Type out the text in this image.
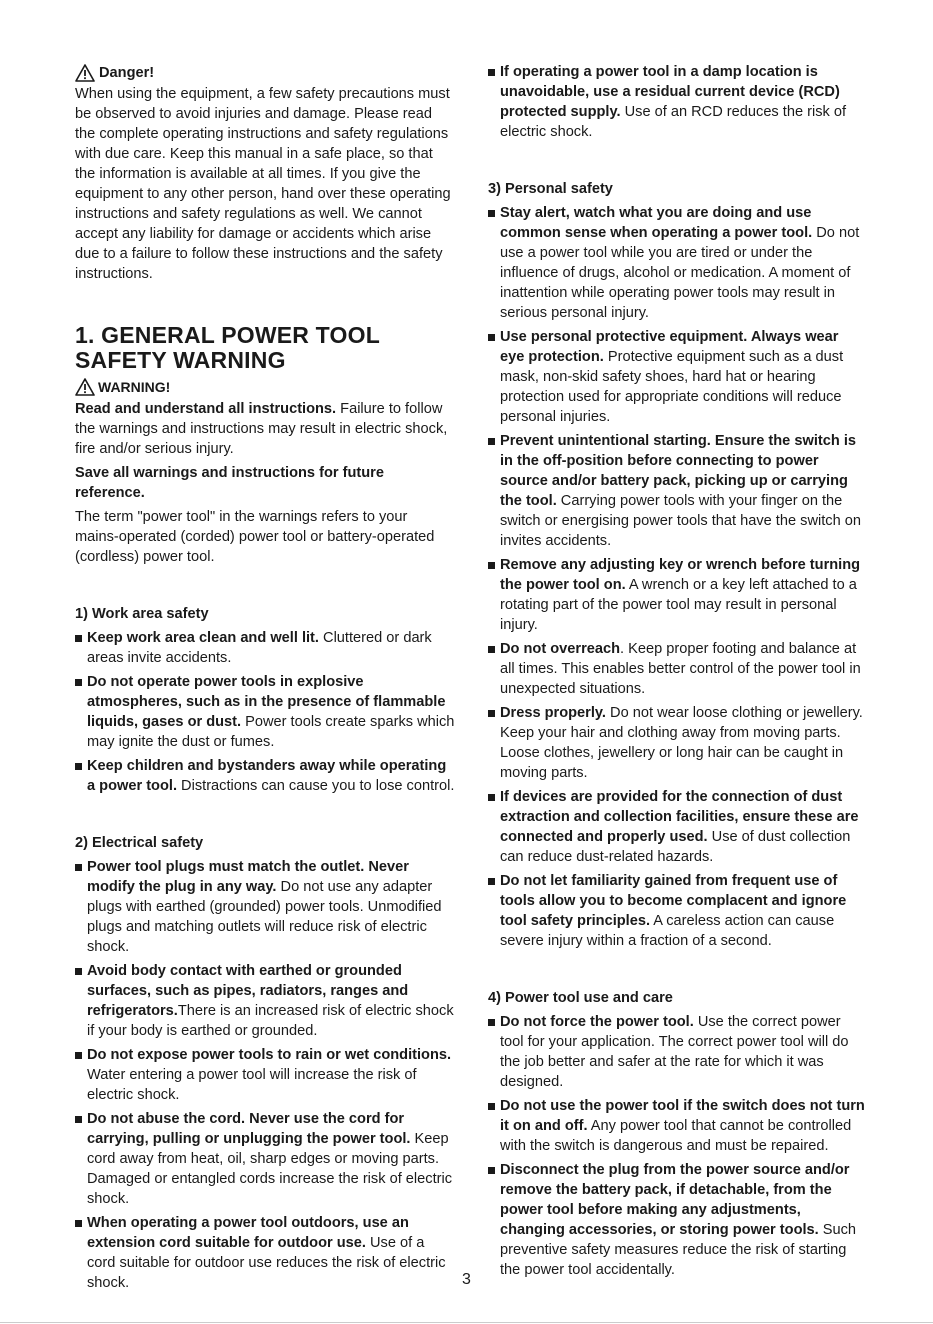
Danger!

When using the equipment, a few safety precautions must be observed to avoid injuries and damage. Please read the complete operating instructions and safety regulations with due care. Keep this manual in a safe place, so that the information is available at all times. If you give the equipment to any other person, hand over these operating instructions and safety regulations as well. We cannot accept any liability for damage or accidents which arise due to a failure to follow these instructions and the safety instructions.

1. GENERAL POWER TOOL
SAFETY WARNING
WARNING!

Read and understand all instructions. Failure to follow the warnings and instructions may result in electric shock, fire and/or serious injury.

Save all warnings and instructions for future reference.

The term "power tool" in the warnings refers to your mains-operated (corded) power tool or battery-operated (cordless) power tool.

1) Work area safety
Keep work area clean and well lit. Cluttered or dark areas invite accidents.
Do not operate power tools in explosive atmospheres, such as in the presence of flammable liquids, gases or dust. Power tools create sparks which may ignite the dust or fumes.
Keep children and bystanders away while operating a power tool. Distractions can cause you to lose control.
2) Electrical safety
Power tool plugs must match the outlet. Never modify the plug in any way. Do not use any adapter plugs with earthed (grounded) power tools. Unmodified plugs and matching outlets will reduce risk of electric shock.
Avoid body contact with earthed or grounded surfaces, such as pipes, radiators, ranges and refrigerators.There is an increased risk of electric shock if your body is earthed or grounded.
Do not expose power tools to rain or wet conditions. Water entering a power tool will increase the risk of electric shock.
Do not abuse the cord. Never use the cord for carrying, pulling or unplugging the power tool. Keep cord away from heat, oil, sharp edges or moving parts. Damaged or entangled cords increase the risk of electric shock.
When operating a power tool outdoors, use an extension cord suitable for outdoor use. Use of a cord suitable for outdoor use reduces the risk of electric shock.
If operating a power tool in a damp location is unavoidable, use a residual current device (RCD) protected supply. Use of an RCD reduces the risk of electric shock.
3) Personal safety
Stay alert, watch what you are doing and use common sense when operating a power tool. Do not use a power tool while you are tired or under the influence of drugs, alcohol or medication. A moment of inattention while operating power tools may result in serious personal injury.
Use personal protective equipment. Always wear eye protection. Protective equipment such as a dust mask, non-skid safety shoes, hard hat or hearing protection used for appropriate conditions will reduce personal injuries.
Prevent unintentional starting. Ensure the switch is in the off-position before connecting to power source and/or battery pack, picking up or carrying the tool. Carrying power tools with your finger on the switch or energising power tools that have the switch on invites accidents.
Remove any adjusting key or wrench before turning the power tool on. A wrench or a key left attached to a rotating part of the power tool may result in personal injury.
Do not overreach. Keep proper footing and balance at all times. This enables better control of the power tool in unexpected situations.
Dress properly. Do not wear loose clothing or jewellery. Keep your hair and clothing away from moving parts. Loose clothes, jewellery or long hair can be caught in moving parts.
If devices are provided for the connection of dust extraction and collection facilities, ensure these are connected and properly used. Use of dust collection can reduce dust-related hazards.
Do not let familiarity gained from frequent use of tools allow you to become complacent and ignore tool safety principles. A careless action can cause severe injury within a fraction of a second.
4) Power tool use and care
Do not force the power tool. Use the correct power tool for your application. The correct power tool will do the job better and safer at the rate for which it was designed.
Do not use the power tool if the switch does not turn it on and off. Any power tool that cannot be controlled with the switch is dangerous and must be repaired.
Disconnect the plug from the power source and/or remove the battery pack, if detachable, from the power tool before making any adjustments, changing accessories, or storing power tools. Such preventive safety measures reduce the risk of starting the power tool accidentally.
3
